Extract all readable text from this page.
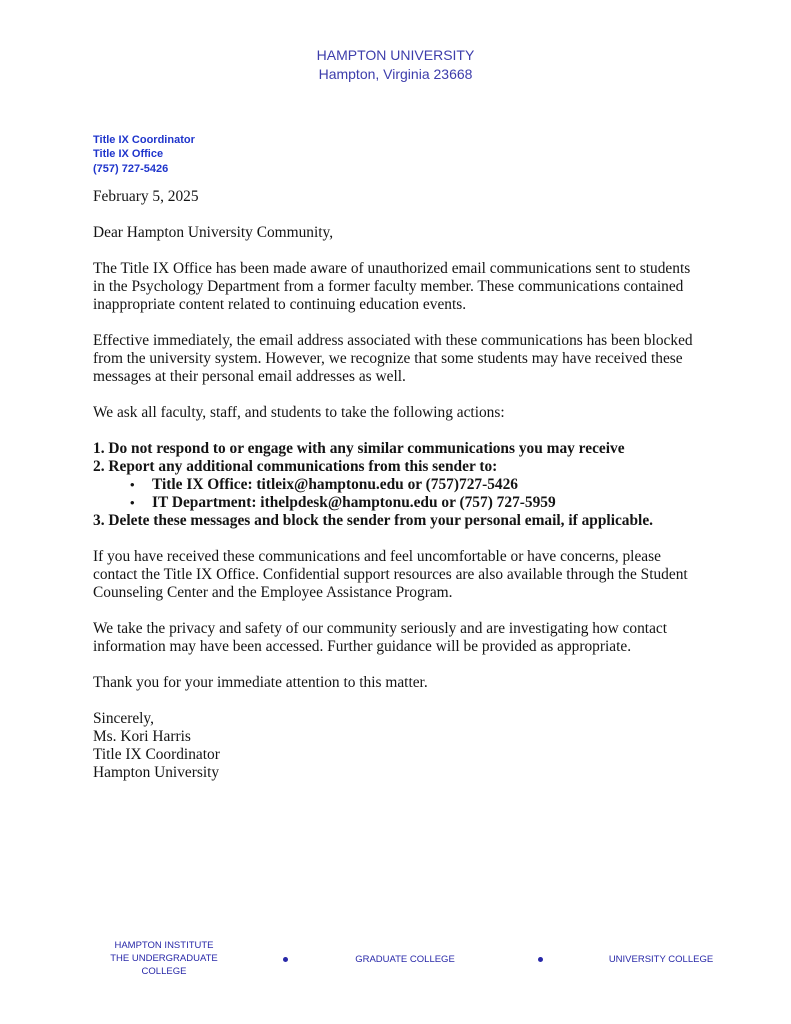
HAMPTON UNIVERSITY
Hampton, Virginia 23668
Title IX Coordinator
Title IX Office
(757) 727-5426

February 5, 2025

Dear Hampton University Community,

The Title IX Office has been made aware of unauthorized email communications sent to students in the Psychology Department from a former faculty member. These communications contained inappropriate content related to continuing education events.

Effective immediately, the email address associated with these communications has been blocked from the university system. However, we recognize that some students may have received these messages at their personal email addresses as well.

We ask all faculty, staff, and students to take the following actions:

1. Do not respond to or engage with any similar communications you may receive
2. Report any additional communications from this sender to:
• Title IX Office: titleix@hamptonu.edu or (757)727-5426
• IT Department: ithelpdesk@hamptonu.edu or (757) 727-5959
3. Delete these messages and block the sender from your personal email, if applicable.

If you have received these communications and feel uncomfortable or have concerns, please contact the Title IX Office. Confidential support resources are also available through the Student Counseling Center and the Employee Assistance Program.

We take the privacy and safety of our community seriously and are investigating how contact information may have been accessed. Further guidance will be provided as appropriate.

Thank you for your immediate attention to this matter.

Sincerely,
Ms. Kori Harris
Title IX Coordinator
Hampton University
HAMPTON INSTITUTE
THE UNDERGRADUATE COLLEGE
GRADUATE COLLEGE	UNIVERSITY COLLEGE
